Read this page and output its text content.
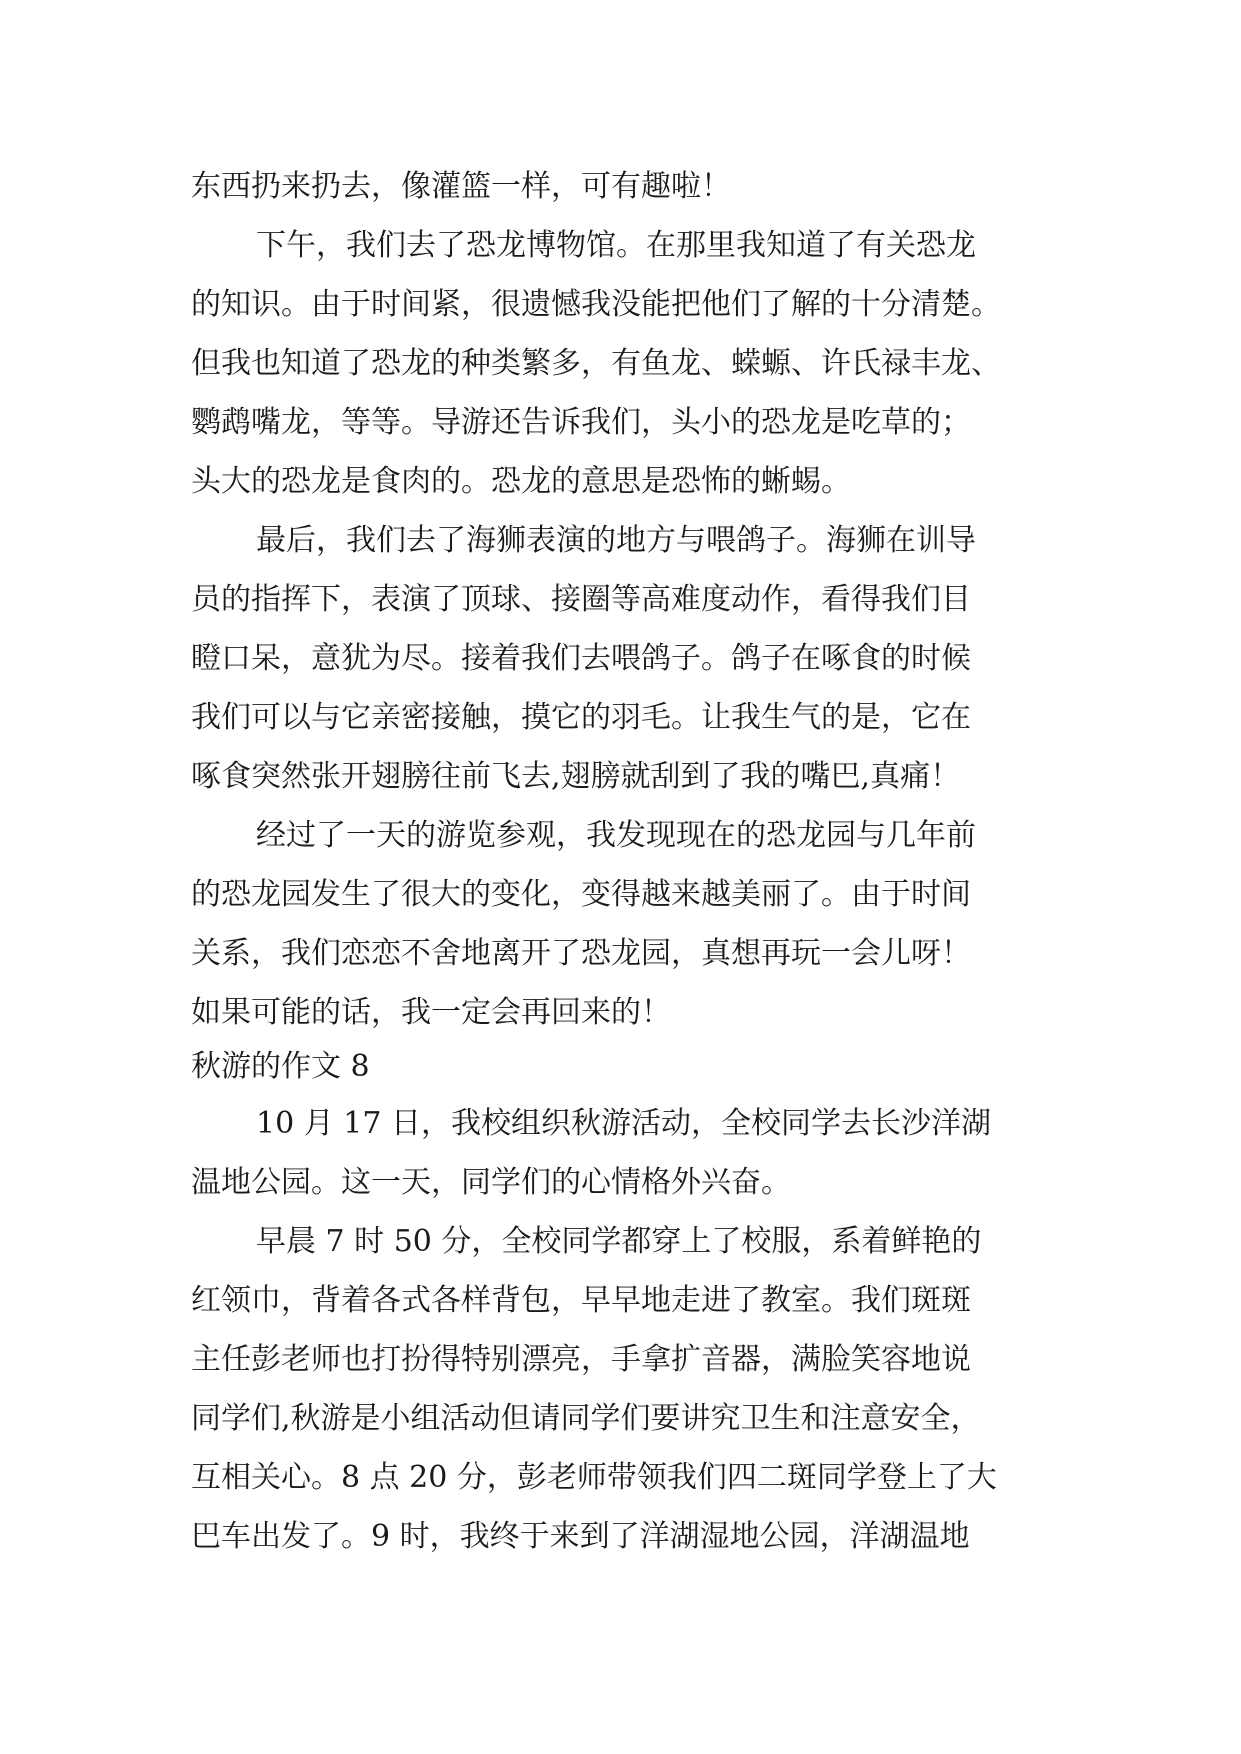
东西扔来扔去，像灌篮一样，可有趣啦！
下午，我们去了恐龙博物馆。在那里我知道了有关恐龙
的知识。由于时间紧，很遗憾我没能把他们了解的十分清楚。
但我也知道了恐龙的种类繁多，有鱼龙、蝾螈、许氏禄丰龙、
鹦鹉嘴龙，等等。导游还告诉我们，头小的恐龙是吃草的；
头大的恐龙是食肉的。恐龙的意思是恐怖的蜥蜴。
最后，我们去了海狮表演的地方与喂鸽子。海狮在训导
员的指挥下，表演了顶球、接圈等高难度动作，看得我们目
瞪口呆，意犹为尽。接着我们去喂鸽子。鸽子在啄食的时候
我们可以与它亲密接触，摸它的羽毛。让我生气的是，它在
啄食突然张开翅膀往前飞去,翅膀就刮到了我的嘴巴,真痛！
经过了一天的游览参观，我发现现在的恐龙园与几年前
的恐龙园发生了很大的变化，变得越来越美丽了。由于时间
关系，我们恋恋不舍地离开了恐龙园，真想再玩一会儿呀！
如果可能的话，我一定会再回来的！
秋游的作文 8
10 月 17 日，我校组织秋游活动，全校同学去长沙洋湖
温地公园。这一天，同学们的心情格外兴奋。
早晨 7 时 50 分，全校同学都穿上了校服，系着鲜艳的
红领巾，背着各式各样背包，早早地走进了教室。我们斑斑
主任彭老师也打扮得特别漂亮，手拿扩音器，满脸笑容地说
同学们,秋游是小组活动但请同学们要讲究卫生和注意安全，
互相关心。8 点 20 分，彭老师带领我们四二斑同学登上了大
巴车出发了。9 时，我终于来到了洋湖湿地公园，洋湖温地
